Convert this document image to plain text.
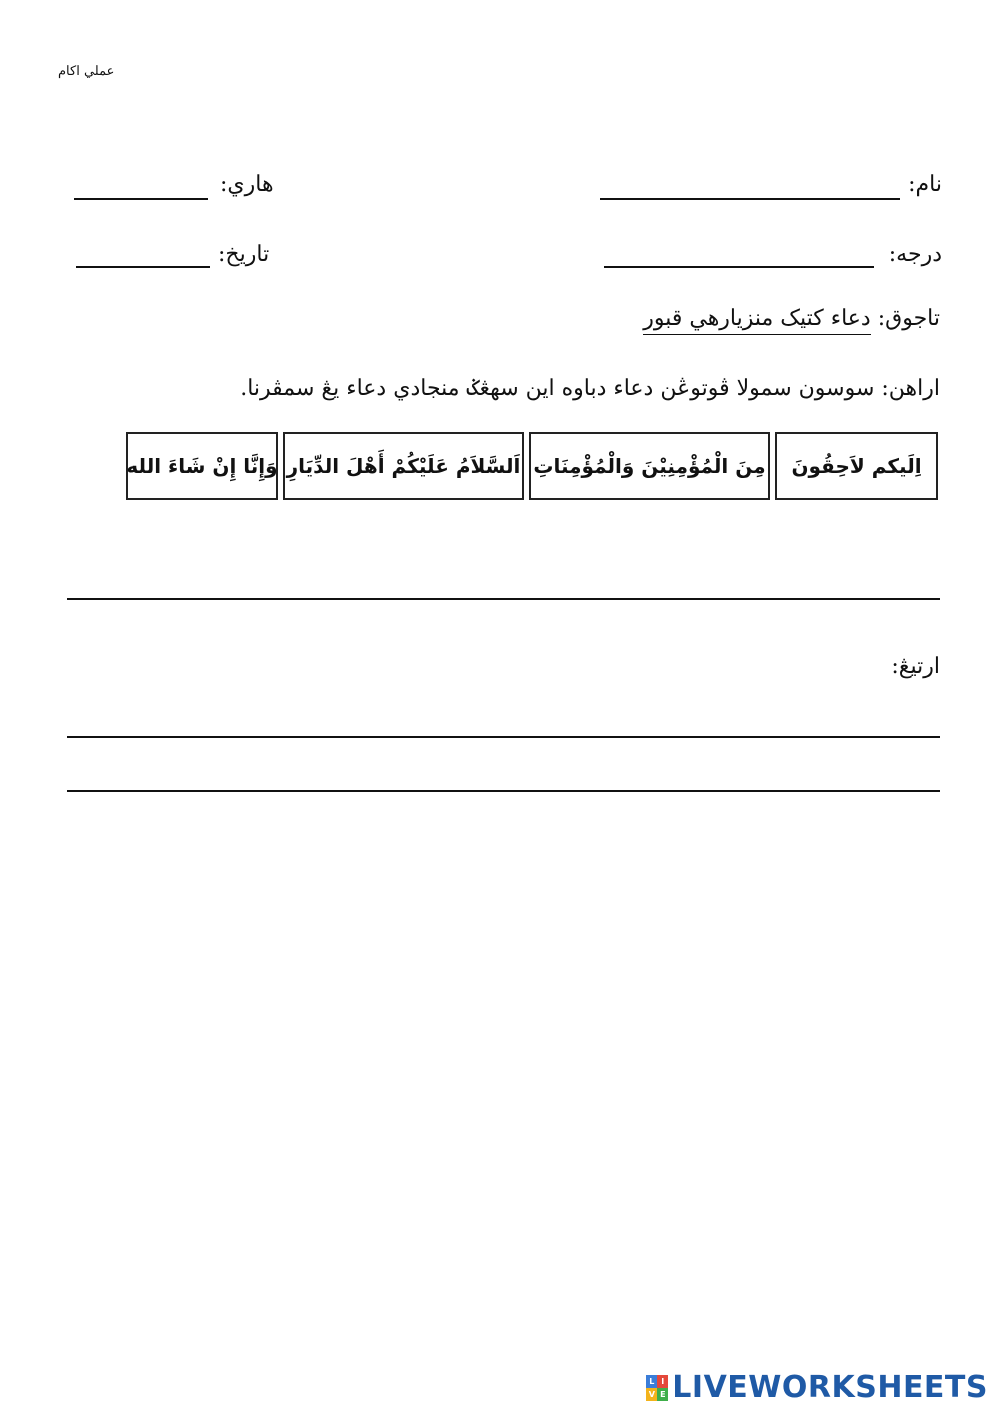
عملي اکام
نام:
هاري:
درجه:
تاريخ:
تاجوق: دعاء کتيک منزيارهي قبور
اراهن: سوسون سمولا ڤوتوڠن دعاء دباوه اين سهڠݢ منجادي دعاء يڠ سمڤرنا.
اِلَيكم لاَحِقُونَ
مِنَ الْمُؤْمِنِيْنَ وَالْمُؤْمِنَاتِ
اَلسَّلاَمُ عَلَيْكُمْ أَهْلَ الدِّيَارِ
وَإِنَّا إِنْ شَاءَ الله
ارتيڠ:
L I
V E LIVEWORKSHEETS
